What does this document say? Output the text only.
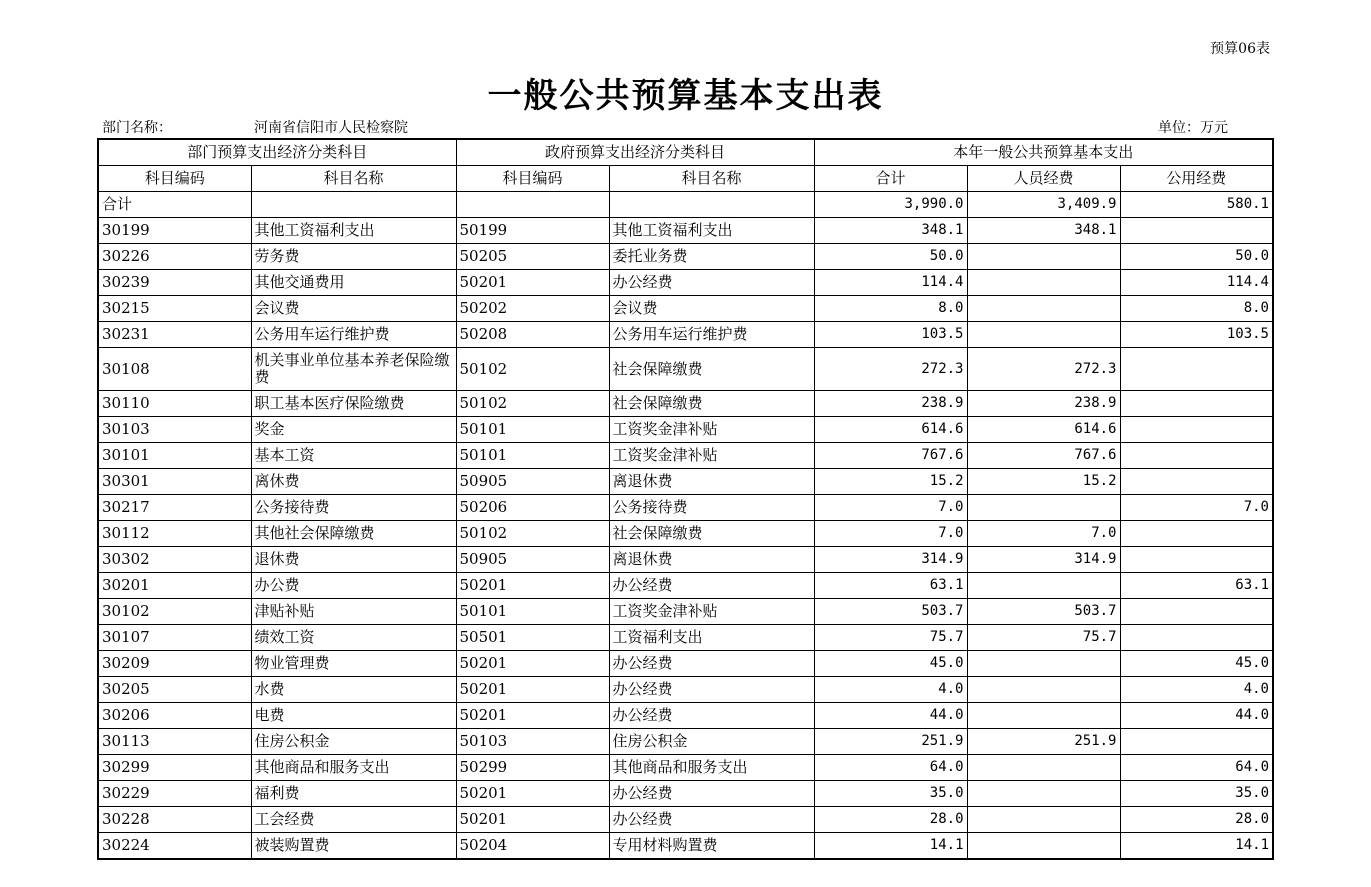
预算06表
一般公共预算基本支出表
部门名称：	河南省信阳市人民检察院	单位：万元
部门预算支出经济分类科目		政府预算支出经济分类科目		本年一般公共预算基本支出		
科目编码	科目名称	科目编码	科目名称	合计	人员经费	公用经费
合计				3,990.0	3,409.9	580.1
30199	其他工资福利支出	50199	其他工资福利支出	348.1	348.1	
30226	劳务费	50205	委托业务费	50.0		50.0
30239	其他交通费用	50201	办公经费	114.4		114.4
30215	会议费	50202	会议费	8.0		8.0
30231	公务用车运行维护费	50208	公务用车运行维护费	103.5		103.5
30108	机关事业单位基本养老保险缴费	50102	社会保障缴费	272.3	272.3	
30110	职工基本医疗保险缴费	50102	社会保障缴费	238.9	238.9	
30103	奖金	50101	工资奖金津补贴	614.6	614.6	
30101	基本工资	50101	工资奖金津补贴	767.6	767.6	
30301	离休费	50905	离退休费	15.2	15.2	
30217	公务接待费	50206	公务接待费	7.0		7.0
30112	其他社会保障缴费	50102	社会保障缴费	7.0	7.0	
30302	退休费	50905	离退休费	314.9	314.9	
30201	办公费	50201	办公经费	63.1		63.1
30102	津贴补贴	50101	工资奖金津补贴	503.7	503.7	
30107	绩效工资	50501	工资福利支出	75.7	75.7	
30209	物业管理费	50201	办公经费	45.0		45.0
30205	水费	50201	办公经费	4.0		4.0
30206	电费	50201	办公经费	44.0		44.0
30113	住房公积金	50103	住房公积金	251.9	251.9	
30299	其他商品和服务支出	50299	其他商品和服务支出	64.0		64.0
30229	福利费	50201	办公经费	35.0		35.0
30228	工会经费	50201	办公经费	28.0		28.0
30224	被装购置费	50204	专用材料购置费	14.1		14.1
